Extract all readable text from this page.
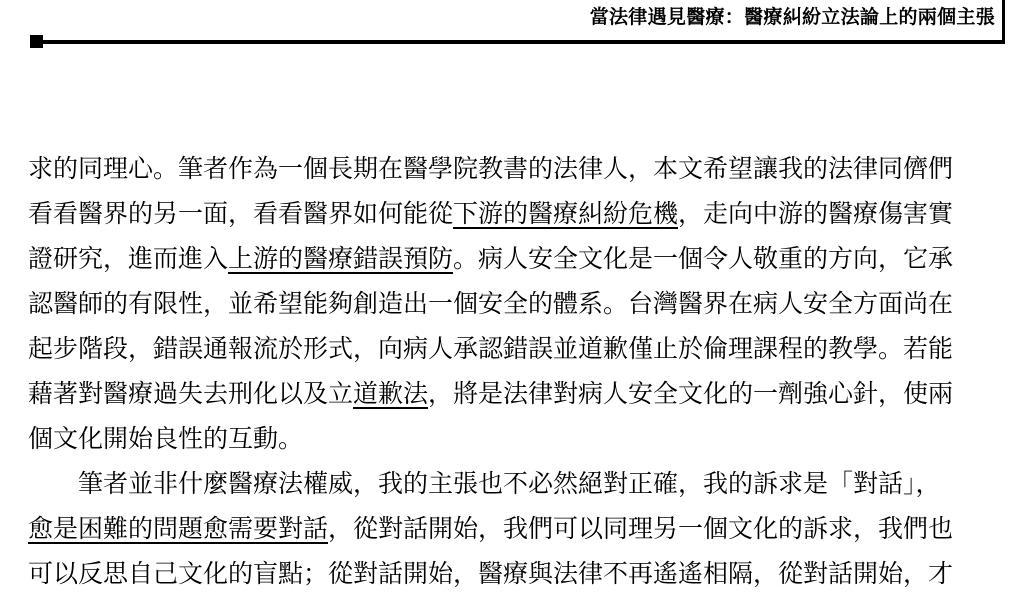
當法律遇見醫療：醫療糾紛立法論上的兩個主張
求的同理心。筆者作為一個長期在醫學院教書的法律人，本文希望讓我的法律同儕們
看看醫界的另一面，看看醫界如何能從下游的醫療糾紛危機，走向中游的醫療傷害實
證研究，進而進入上游的醫療錯誤預防。病人安全文化是一個令人敬重的方向，它承
認醫師的有限性，並希望能夠創造出一個安全的體系。台灣醫界在病人安全方面尚在
起步階段，錯誤通報流於形式，向病人承認錯誤並道歉僅止於倫理課程的教學。若能
藉著對醫療過失去刑化以及立道歉法，將是法律對病人安全文化的一劑強心針，使兩
個文化開始良性的互動。
筆者並非什麼醫療法權威，我的主張也不必然絕對正確，我的訴求是「對話」，
愈是困難的問題愈需要對話，從對話開始，我們可以同理另一個文化的訴求，我們也
可以反思自己文化的盲點；從對話開始，醫療與法律不再遙遙相隔，從對話開始，才
